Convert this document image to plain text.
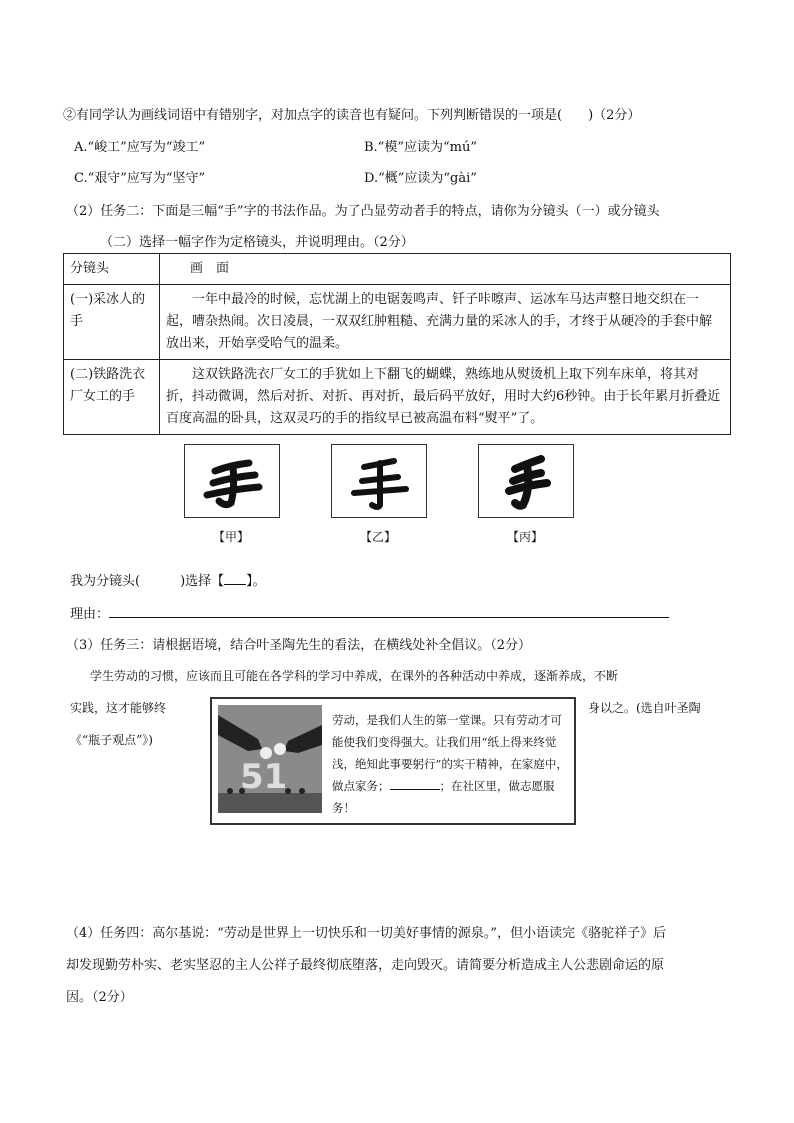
②有同学认为画线词语中有错别字，对加点字的读音也有疑问。下列判断错误的一项是(　　)（2分）
A.“峻工”应写为“竣工”	B.“模”应读为“mú”
C.“艰守”应写为“坚守”	D.“概”应读为“gài”
（2）任务二：下面是三幅“手”字的书法作品。为了凸显劳动者手的特点，请你为分镜头（一）或分镜头
（二）选择一幅字作为定格镜头，并说明理由。（2分）
分镜头	画　面
(一)采冰人的手	一年中最冷的时候，忘忧湖上的电锯轰鸣声、钎子咔嚓声、运冰车马达声整日地交织在一起，嘈杂热闹。次日凌晨，一双双红肿粗糙、充满力量的采冰人的手，才终于从硬冷的手套中解放出来，开始享受哈气的温柔。

(二)铁路洗衣厂女工的手	这双铁路洗衣厂女工的手犹如上下翻飞的蝴蝶，熟练地从熨烫机上取下列车床单，将其对折，抖动微调，然后对折、对折、再对折，最后码平放好，用时大约6秒钟。由于长年累月折叠近百度高温的卧具，这双灵巧的手的指纹早已被高温布料“熨平”了。
【甲】	【乙】	【丙】
我为分镜头(	)选择【 】。
理由：
（3）任务三：请根据语境，结合叶圣陶先生的看法，在横线处补全倡议。（2分）
学生劳动的习惯，应该而且可能在各学科的学习中养成，在课外的各种活动中养成，逐渐养成，不断
实践，这才能够终	身以之。(选自叶圣陶
《“瓶子观点”》)
51
劳动，是我们人生的第一堂课。只有劳动才可能使我们变得强大。让我们用“纸上得来终觉浅，绝知此事要躬行”的实干精神，在家庭中，做点家务；	；在社区里，做志愿服务！
（4）任务四：高尔基说：“劳动是世界上一切快乐和一切美好事情的源泉。”，但小语读完《骆驼祥子》后
却发现勤劳朴实、老实坚忍的主人公祥子最终彻底堕落，走向毁灭。请简要分析造成主人公悲剧命运的原
因。（2分）
